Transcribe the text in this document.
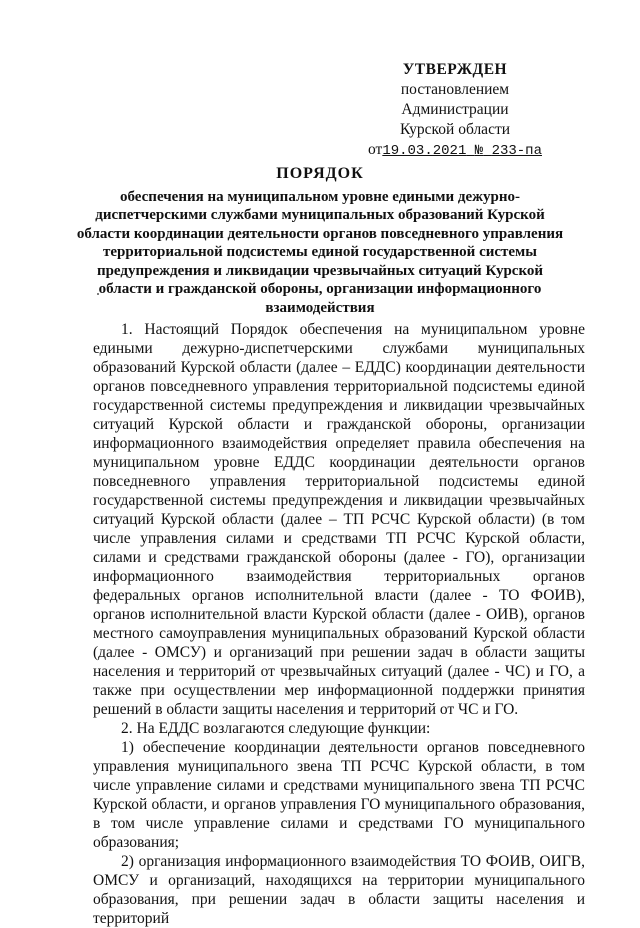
УТВЕРЖДЕН
постановлением Администрации
Курской области
от19.03.2021 № 233-па
ПОРЯДОК
обеспечения на муниципальном уровне едиными дежурно-диспетчерскими службами муниципальных образований Курской области координации деятельности органов повседневного управления территориальной подсистемы единой государственной системы предупреждения и ликвидации чрезвычайных ситуаций Курской области и гражданской обороны, организации информационного взаимодействия

1. Настоящий Порядок обеспечения на муниципальном уровне едиными дежурно-диспетчерскими службами муниципальных образований Курской области (далее – ЕДДС) координации деятельности органов повседневного управления территориальной подсистемы единой государственной системы предупреждения и ликвидации чрезвычайных ситуаций Курской области и гражданской обороны, организации информационного взаимодействия определяет правила обеспечения на муниципальном уровне ЕДДС координации деятельности органов повседневного управления территориальной подсистемы единой государственной системы предупреждения и ликвидации чрезвычайных ситуаций Курской области (далее – ТП РСЧС Курской области) (в том числе управления силами и средствами ТП РСЧС Курской области, силами и средствами гражданской обороны (далее - ГО), организации информационного взаимодействия территориальных органов федеральных органов исполнительной власти (далее - ТО ФОИВ), органов исполнительной власти Курской области (далее - ОИВ), органов местного самоуправления муниципальных образований Курской области (далее - ОМСУ) и организаций при решении задач в области защиты населения и территорий от чрезвычайных ситуаций (далее - ЧС) и ГО, а также при осуществлении мер информационной поддержки принятия решений в области защиты населения и территорий от ЧС и ГО.

2. На ЕДДС возлагаются следующие функции:

1) обеспечение координации деятельности органов повседневного управления муниципального звена ТП РСЧС Курской области, в том числе управление силами и средствами муниципального звена ТП РСЧС Курской области, и органов управления ГО муниципального образования, в том числе управление силами и средствами ГО муниципального образования;

2) организация информационного взаимодействия ТО ФОИВ, ОИГВ, ОМСУ и организаций, находящихся на территории муниципального образования, при решении задач в области защиты населения и территорий
